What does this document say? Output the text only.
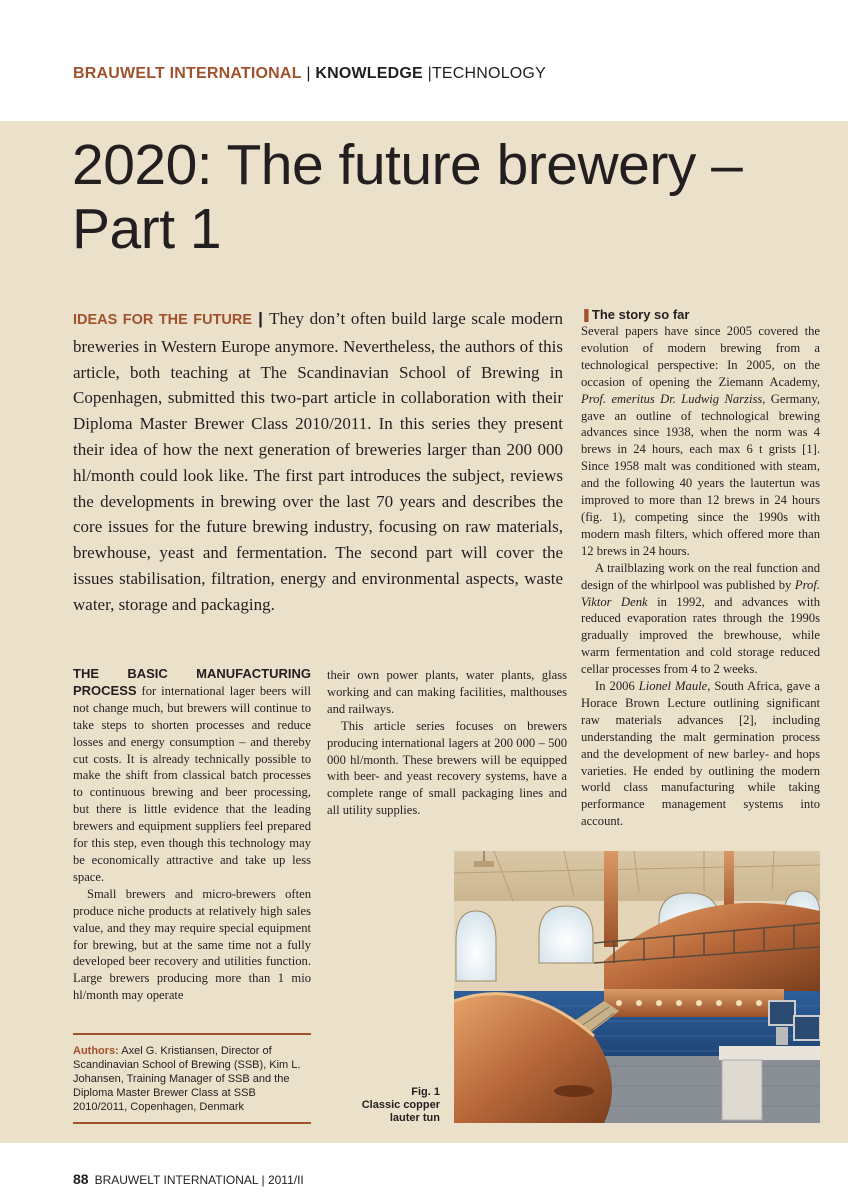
BRAUWELT INTERNATIONAL | KNOWLEDGE |TECHNOLOGY
2020: The future brewery –
Part 1
IDEAS FOR THE FUTURE | They don’t often build large scale modern breweries in Western Europe anymore. Nevertheless, the authors of this article, both teaching at The Scandinavian School of Brewing in Copenhagen, submitted this two-part article in collaboration with their Diploma Master Brewer Class 2010/2011. In this series they present their idea of how the next generation of breweries larger than 200 000 hl/month could look like. The first part introduces the subject, reviews the developments in brewing over the last 70 years and describes the core issues for the future brewing industry, focusing on raw materials, brewhouse, yeast and fermentation. The second part will cover the issues stabilisation, filtration, energy and environmental aspects, waste water, storage and packaging.

THE BASIC MANUFACTURING PROCESS for international lager beers will not change much, but brewers will continue to take steps to shorten processes and reduce losses and energy consumption – and thereby cut costs. It is already technically possible to make the shift from classical batch processes to continuous brewing and beer processing, but there is little evidence that the leading brewers and equipment suppliers feel prepared for this step, even though this technology may be economically attractive and take up less space.

Small brewers and micro-brewers often produce niche products at relatively high sales value, and they may require special equipment for brewing, but at the same time not a fully developed beer recovery and utilities function. Large brewers producing more than 1 mio hl/month may operate

their own power plants, water plants, glass working and can making facilities, malthouses and railways.

This article series focuses on brewers producing international lagers at 200 000 – 500 000 hl/month. These brewers will be equipped with beer- and yeast recovery systems, have a complete range of small packaging lines and all utility supplies.

❚The story so far

Several papers have since 2005 covered the evolution of modern brewing from a technological perspective: In 2005, on the occasion of opening the Ziemann Academy, Prof. emeritus Dr. Ludwig Narziss, Germany, gave an outline of technological brewing advances since 1938, when the norm was 4 brews in 24 hours, each max 6 t grists [1]. Since 1958 malt was conditioned with steam, and the following 40 years the lautertun was improved to more than 12 brews in 24 hours (fig. 1), competing since the 1990s with modern mash filters, which offered more than 12 brews in 24 hours.

A trailblazing work on the real function and design of the whirlpool was published by Prof. Viktor Denk in 1992, and advances with reduced evaporation rates through the 1990s gradually improved the brewhouse, while warm fermentation and cold storage reduced cellar processes from 4 to 2 weeks.

In 2006 Lionel Maule, South Africa, gave a Horace Brown Lecture outlining significant raw materials advances [2], including understanding the malt germination process and the development of new barley- and hops varieties. He ended by outlining the modern world class manufacturing while taking performance management systems into account.

Authors: Axel G. Kristiansen, Director of Scandinavian School of Brewing (SSB), Kim L. Johansen, Training Manager of SSB and the Diploma Master Brewer Class at SSB 2010/2011, Copenhagen, Denmark
Fig. 1
Classic copper lauter tun
88 BRAUWELT INTERNATIONAL | 2011/II
